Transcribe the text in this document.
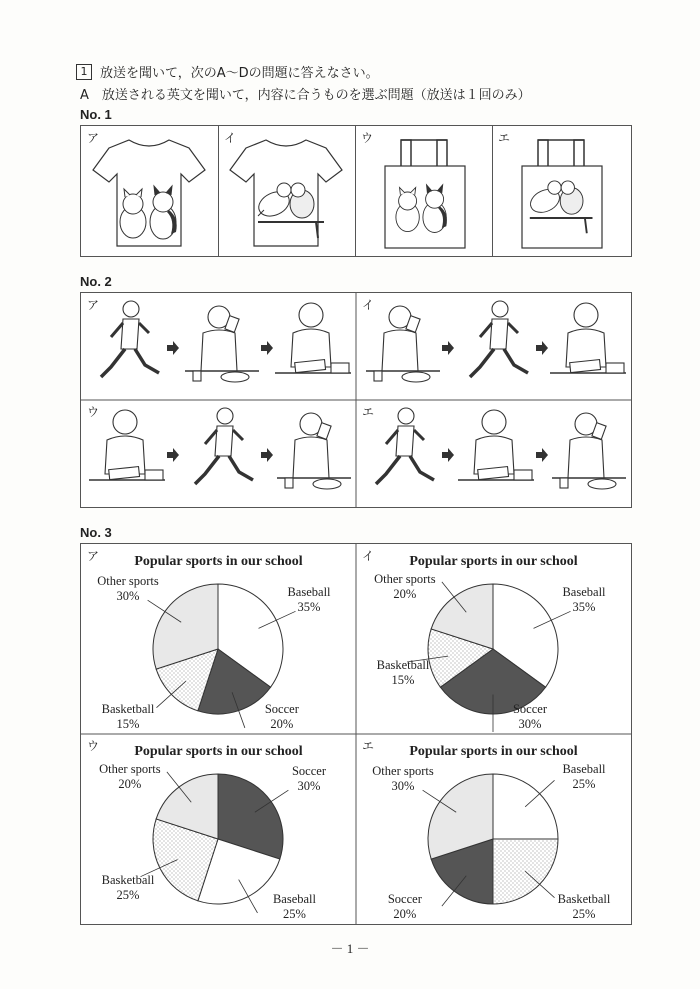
1 放送を聞いて，次のA～Dの問題に答えなさい。
A　放送される英文を聞いて，内容に合うものを選ぶ問題（放送は１回のみ）
No. 1
ア	イ	ウ	エ
No. 2
ア	イ
ウ	エ
No. 3
ア	Popular sports in our school
Baseball
35%
Soccer
20%
Basketball
15%
Other sports
30%
イ	Popular sports in our school
Baseball
35%
Soccer
30%
Basketball
15%
Other sports
20%
ウ	Popular sports in our school
Soccer
30%
Baseball
25%
Basketball
25%
Other sports
20%
エ	Popular sports in our school
Baseball
25%
Basketball
25%
Soccer
20%
Other sports
30%
－ 1 －
